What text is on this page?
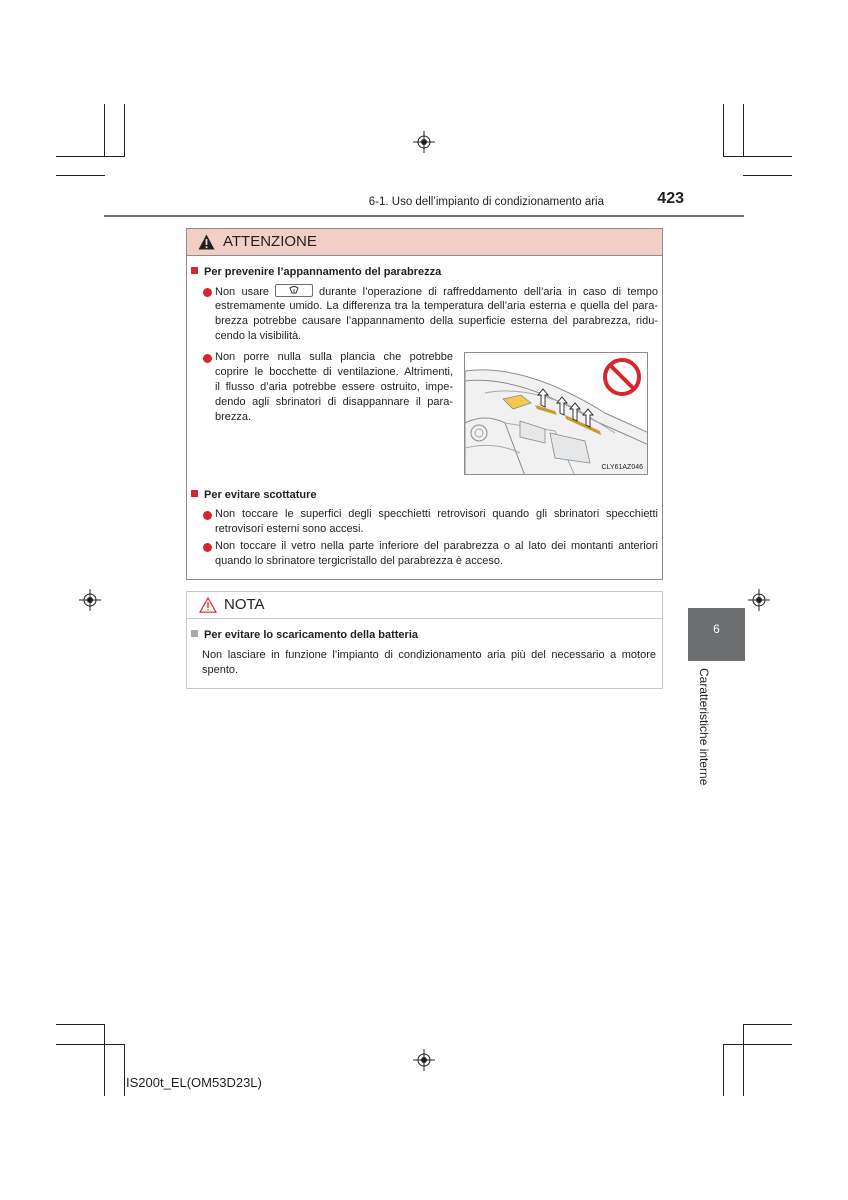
6-1. Uso dell’impianto di condizionamento aria	423
6
Caratteristiche interne
ATTENZIONE
Per prevenire l’appannamento del parabrezza
Non usare	durante l’operazione di raffreddamento dell’aria in caso di tempo
estremamente umido. La differenza tra la temperatura dell’aria esterna e quella del para-
brezza potrebbe causare l’appannamento della superficie esterna del parabrezza, ridu-
cendo la visibilità.
Non porre nulla sulla plancia che potrebbe
coprire le bocchette di ventilazione. Altrimenti,
il flusso d’aria potrebbe essere ostruito, impe-
dendo agli sbrinatori di disappannare il para-
brezza.
CLY61AZ046
Per evitare scottature
Non toccare le superfici degli specchietti retrovisori quando gli sbrinatori specchietti
retrovisori esterni sono accesi.
Non toccare il vetro nella parte inferiore del parabrezza o al lato dei montanti anteriori
quando lo sbrinatore tergicristallo del parabrezza è acceso.
NOTA
Per evitare lo scaricamento della batteria
Non lasciare in funzione l’impianto di condizionamento aria più del necessario a motore
spento.
IS200t_EL(OM53D23L)
